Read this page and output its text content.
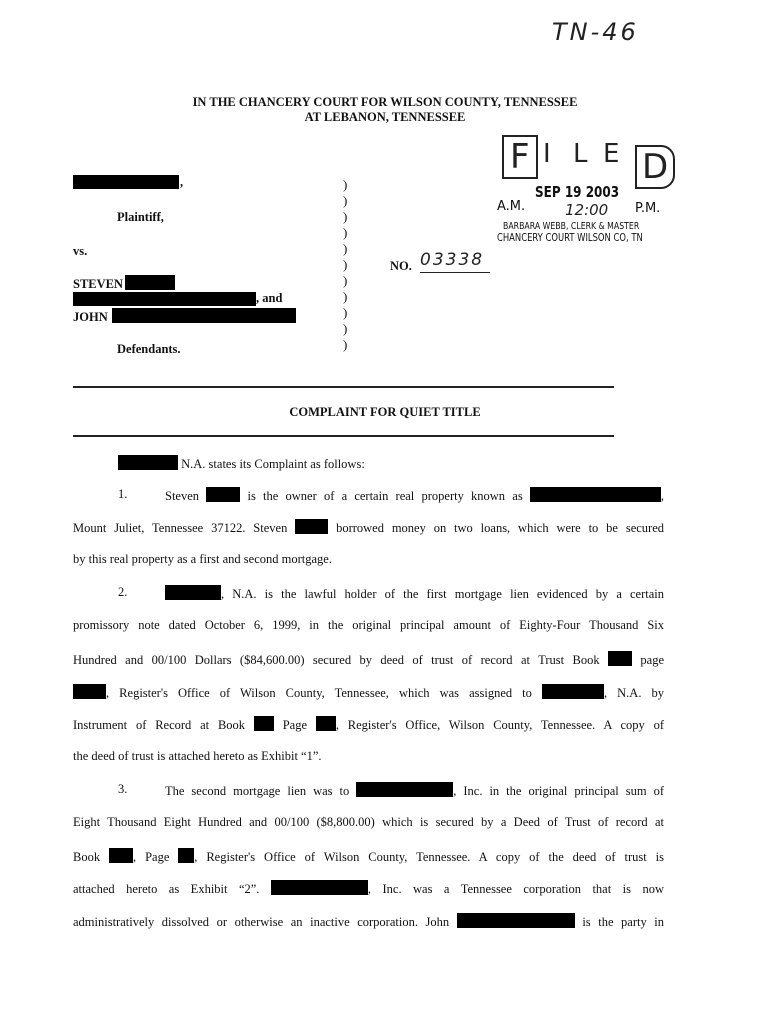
TN-46
IN THE CHANCERY COURT FOR WILSON COUNTY, TENNESSEE
AT LEBANON, TENNESSEE
F I L E D
SEP 19 2003
A.M.	12:00 P.M.
BARBARA WEBB, CLERK & MASTER
CHANCERY COURT WILSON CO, TN
,
Plaintiff,
vs.
STEVEN
, and
JOHN
Defendants.
)
)
)
)
)
)
)
)
)
)
)
NO. 03338
COMPLAINT FOR QUIET TITLE
N.A. states its Complaint as follows:
1.	Steven	is the owner of a certain real property known as	,
Mount Juliet, Tennessee 37122. Steven	borrowed money on two loans, which were to be secured
by this real property as a first and second mortgage.
2.	, N.A. is the lawful holder of the first mortgage lien evidenced by a certain
promissory note dated October 6, 1999, in the original principal amount of Eighty-Four Thousand Six
Hundred and 00/100 Dollars ($84,600.00) secured by deed of trust of record at Trust Book	page
, Register's Office of Wilson County, Tennessee, which was assigned to	, N.A. by
Instrument of Record at Book	Page , Register's Office, Wilson County, Tennessee. A copy of
the deed of trust is attached hereto as Exhibit “1”.
3.	The second mortgage lien was to	, Inc. in the original principal sum of
Eight Thousand Eight Hundred and 00/100 ($8,800.00) which is secured by a Deed of Trust of record at
Book	, Page , Register's Office of Wilson County, Tennessee. A copy of the deed of trust is
attached hereto as Exhibit “2”.	, Inc. was a Tennessee corporation that is now
administratively dissolved or otherwise an inactive corporation. John	is the party in
